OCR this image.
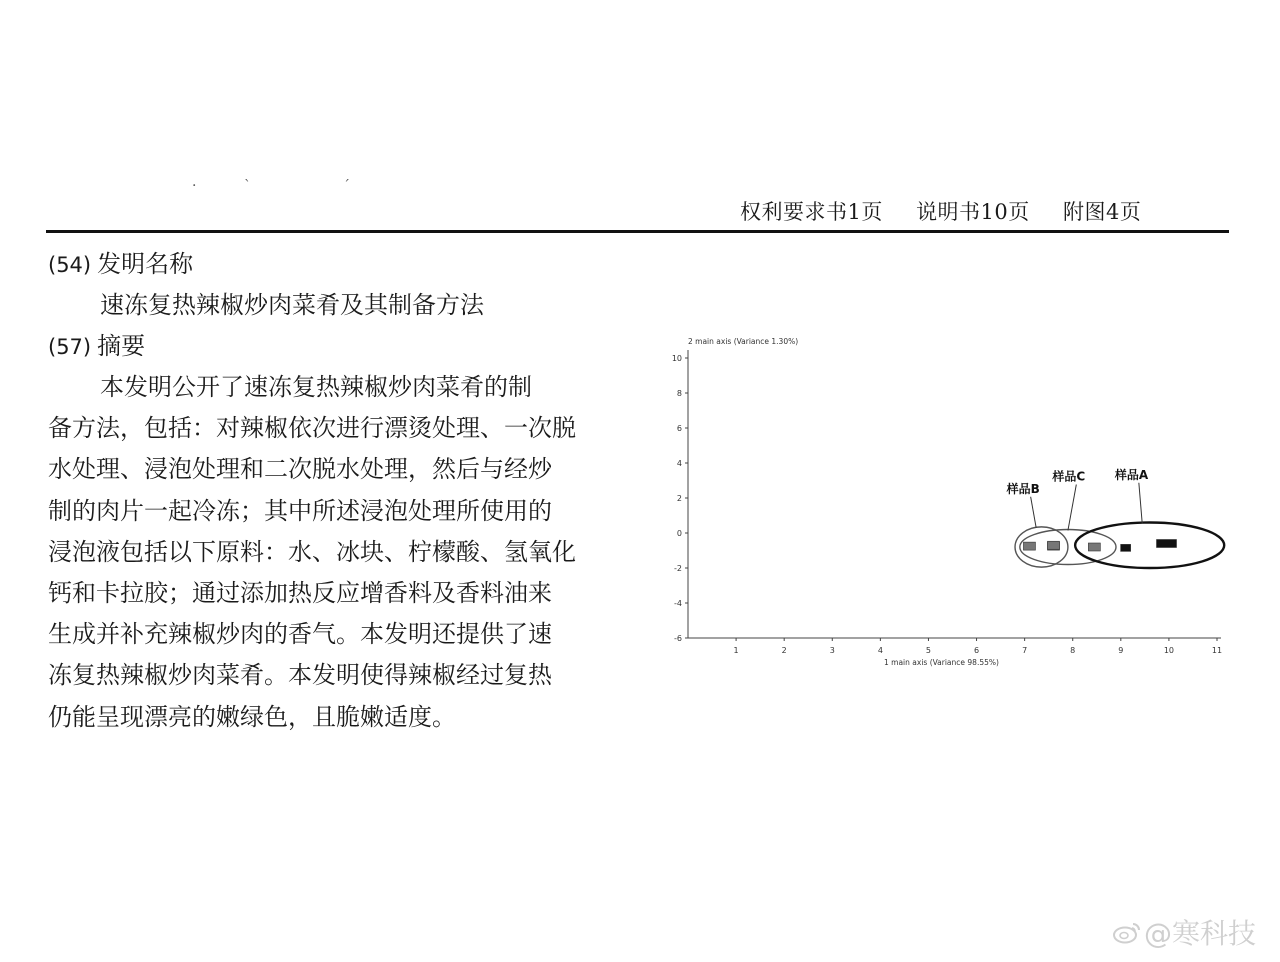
·	`	ˊ
权利要求书1页 说明书10页 附图4页
(54) 发明名称
速冻复热辣椒炒肉菜肴及其制备方法
(57) 摘要
本发明公开了速冻复热辣椒炒肉菜肴的制
备方法，包括：对辣椒依次进行漂烫处理、一次脱
水处理、浸泡处理和二次脱水处理，然后与经炒
制的肉片一起冷冻；其中所述浸泡处理所使用的
浸泡液包括以下原料：水、冰块、柠檬酸、氢氧化
钙和卡拉胶；通过添加热反应增香料及香料油来
生成并补充辣椒炒肉的香气。本发明还提供了速
冻复热辣椒炒肉菜肴。本发明使得辣椒经过复热
仍能呈现漂亮的嫩绿色，且脆嫩适度。
10
8
6
4
2
0
-2
-4
-6
1	2	3	4	5	6	7	8	9	10	11
2 main axis (Variance 1.30%)
1 main axis (Variance 98.55%)
样品B
样品C 样品A
@寒科技
